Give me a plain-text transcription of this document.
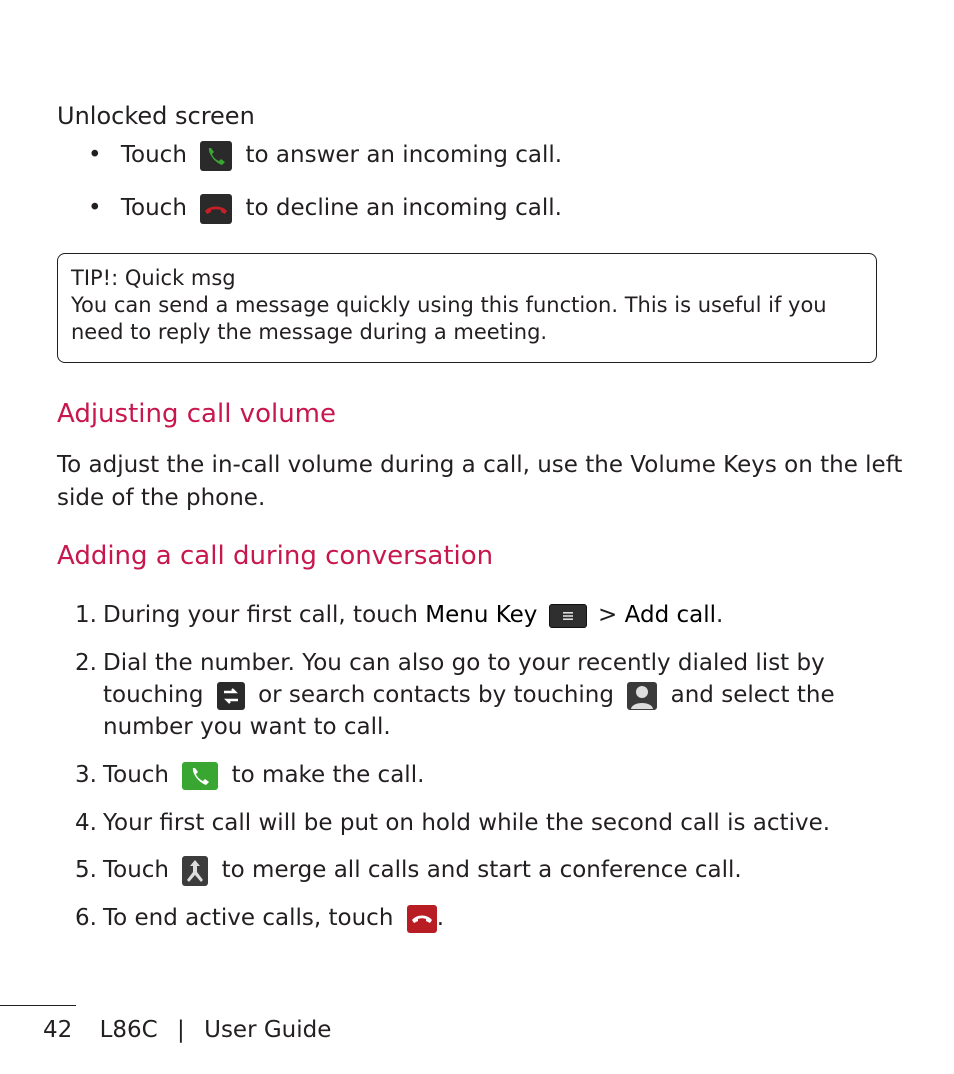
Unlocked screen
• Touch	to answer an incoming call.
• Touch	to decline an incoming call.
TIP!: Quick msg
You can send a message quickly using this function. This is useful if you
need to reply the message during a meeting.
Adjusting call volume
To adjust the in-call volume during a call, use the Volume Keys on the left
side of the phone.
Adding a call during conversation
1. During your first call, touch Menu Key
> Add call.
2. Dial the number. You can also go to your recently dialed list by
touching or search contacts by touching and select the
number you want to call.
3. Touch	to make the call.
4. Your first call will be put on hold while the second call is active.
5. Touch to merge all calls and start a conference call.
6. To end active calls, touch .
42 L86C | User Guide
